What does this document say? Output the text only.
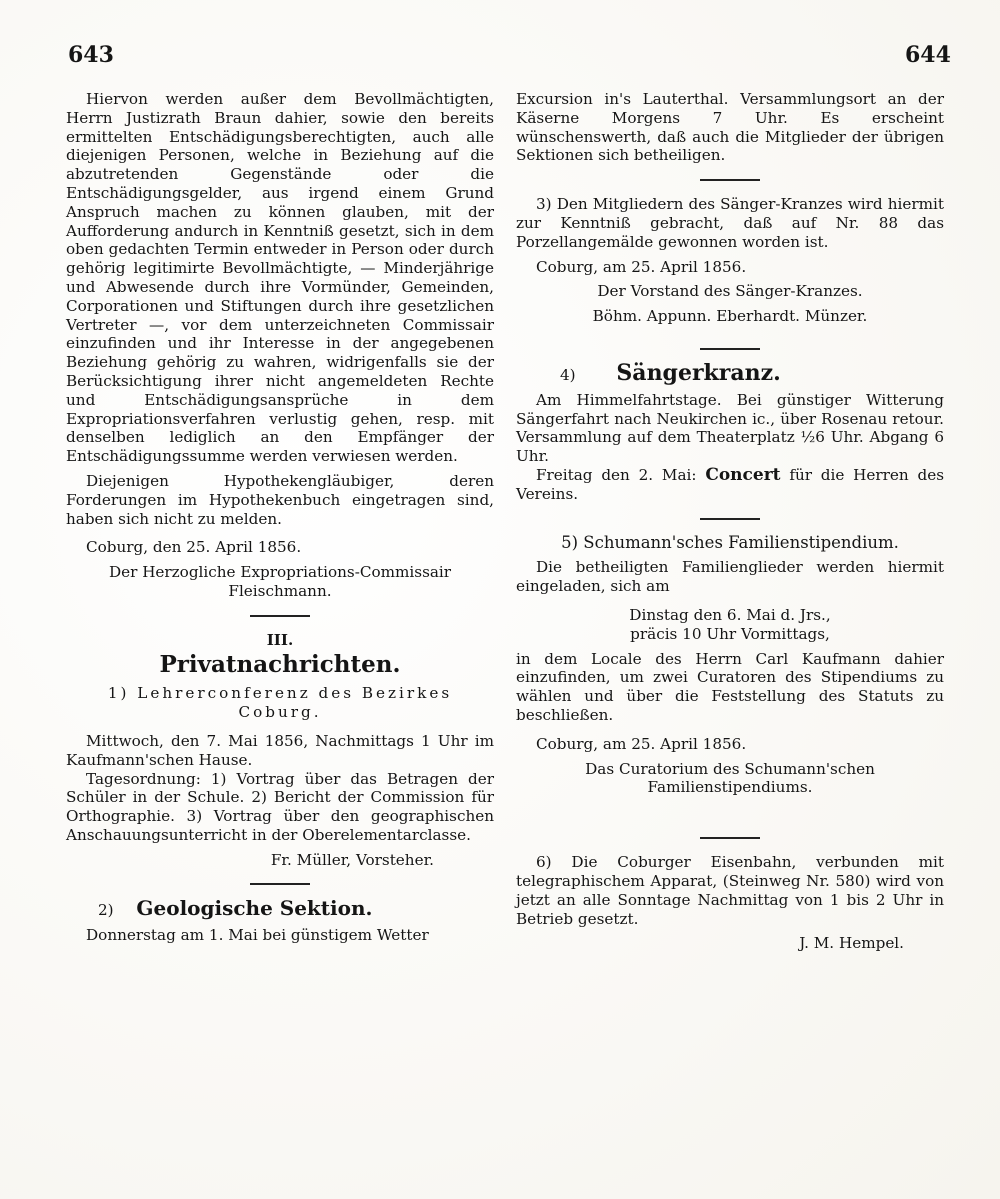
643	644

Hiervon werden außer dem Bevollmächtigten, Herrn Justizrath Braun dahier, sowie den bereits ermittelten Entschädigungsberechtigten, auch alle diejenigen Personen, welche in Beziehung auf die abzutretenden Gegenstände oder die Entschädigungsgelder, aus irgend einem Grund Anspruch machen zu können glauben, mit der Aufforderung andurch in Kenntniß gesetzt, sich in dem oben gedachten Termin entweder in Person oder durch gehörig legitimirte Bevollmächtigte, — Minderjährige und Abwesende durch ihre Vormünder, Gemeinden, Corporationen und Stiftungen durch ihre gesetzlichen Vertreter —, vor dem unterzeichneten Commissair einzufinden und ihr Interesse in der angegebenen Beziehung gehörig zu wahren, widrigenfalls sie der Berücksichtigung ihrer nicht angemeldeten Rechte und Entschädigungsansprüche in dem Expropriationsverfahren verlustig gehen, resp. mit denselben lediglich an den Empfänger der Entschädigungssumme werden verwiesen werden.

Diejenigen Hypothekengläubiger, deren Forderungen im Hypothekenbuch eingetragen sind, haben sich nicht zu melden.

Coburg, den 25. April 1856.

Der Herzogliche Expropriations-Commissair

Fleischmann.

III.

Privatnachrichten.

1) Lehrerconferenz des Bezirkes

Coburg.

Mittwoch, den 7. Mai 1856, Nachmittags 1 Uhr im Kaufmann'schen Hause.

Tagesordnung: 1) Vortrag über das Betragen der Schüler in der Schule. 2) Bericht der Commission für Orthographie. 3) Vortrag über den geographischen Anschauungsunterricht in der Oberelementarclasse.

Fr. Müller, Vorsteher.

2) Geologische Sektion.

Donnerstag am 1. Mai bei günstigem Wetter

Excursion in's Lauterthal. Versammlungsort an der Käserne Morgens 7 Uhr. Es erscheint wünschenswerth, daß auch die Mitglieder der übrigen Sektionen sich betheiligen.

3) Den Mitgliedern des Sänger-Kranzes wird hiermit zur Kenntniß gebracht, daß auf Nr. 88 das Porzellangemälde gewonnen worden ist.

Coburg, am 25. April 1856.

Der Vorstand des Sänger-Kranzes.

Böhm. Appunn. Eberhardt. Münzer.

4) Sängerkranz.

Am Himmelfahrtstage. Bei günstiger Witterung Sängerfahrt nach Neukirchen ic., über Rosenau retour. Versammlung auf dem Theaterplatz ½6 Uhr. Abgang 6 Uhr.

Freitag den 2. Mai: Concert für die Herren des Vereins.

5) Schumann'sches Familienstipendium.

Die betheiligten Familienglieder werden hiermit eingeladen, sich am

Dinstag den 6. Mai d. Jrs.,

präcis 10 Uhr Vormittags,

in dem Locale des Herrn Carl Kaufmann dahier einzufinden, um zwei Curatoren des Stipendiums zu wählen und über die Feststellung des Statuts zu beschließen.

Coburg, am 25. April 1856.

Das Curatorium des Schumann'schen Familienstipendiums.

6) Die Coburger Eisenbahn, verbunden mit telegraphischem Apparat, (Steinweg Nr. 580) wird von jetzt an alle Sonntage Nachmittag von 1 bis 2 Uhr in Betrieb gesetzt.

J. M. Hempel.
